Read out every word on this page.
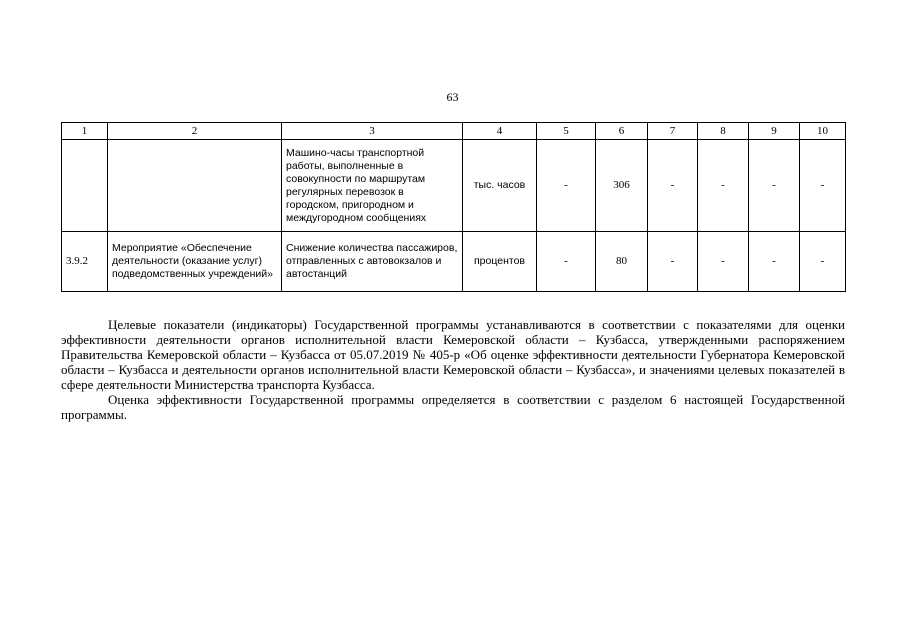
63
1	2	3	4	5	6	7	8	9	10
		Машино-часы транспортной работы, выполненные в совокупности по маршрутам регулярных перевозок в городском, пригородном и междугородном сообщениях	тыс. часов	-	306	-	-	-	-
3.9.2	Мероприятие «Обеспечение деятельности (оказание услуг) подведомственных учреждений»	Снижение количества пассажиров, отправленных с автовокзалов и автостанций	процентов	-	80	-	-	-	-

Целевые показатели (индикаторы) Государственной программы устанавливаются в соответствии с показателями для оценки эффективности деятельности органов исполнительной власти Кемеровской области – Кузбасса, утвержденными распоряжением Правительства Кемеровской области – Кузбасса от 05.07.2019 № 405-р «Об оценке эффективности деятельности Губернатора Кемеровской области – Кузбасса и деятельности органов исполнительной власти Кемеровской области – Кузбасса», и значениями целевых показателей в сфере деятельности Министерства транспорта Кузбасса.

Оценка эффективности Государственной программы определяется в соответствии с разделом 6 настоящей Государственной программы.
